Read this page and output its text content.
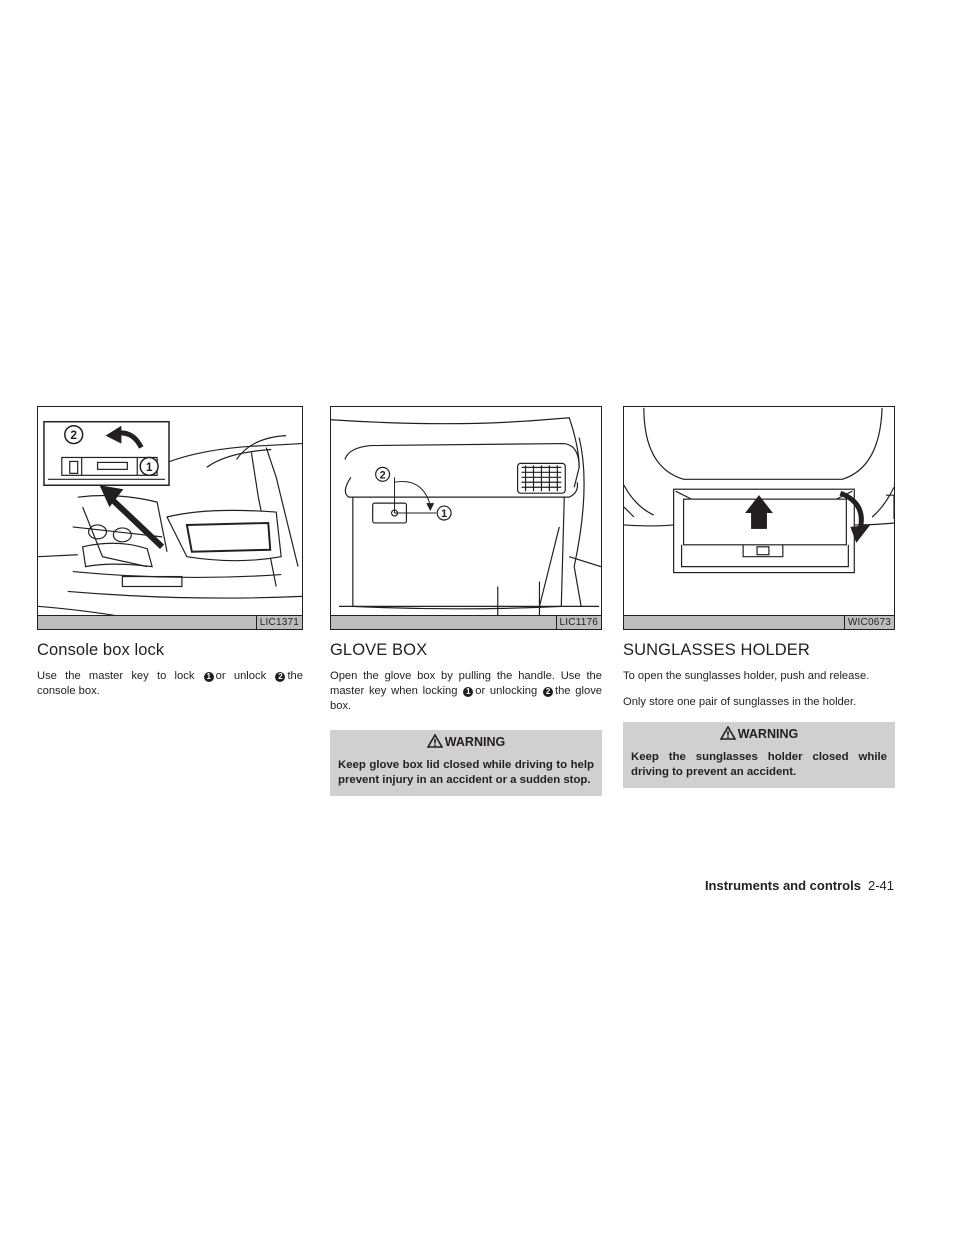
2
1
LIC1371
Console box lock

Use the master key to lock 1 or unlock 2 the console box.

2
1
LIC1176
GLOVE BOX

Open the glove box by pulling the handle. Use the master key when locking 1 or unlocking 2 the glove box.

WARNING
Keep glove box lid closed while driving to help prevent injury in an accident or a sudden stop.
WIC0673
SUNGLASSES HOLDER

To open the sunglasses holder, push and release.

Only store one pair of sunglasses in the holder.

WARNING
Keep the sunglasses holder closed while driving to prevent an accident.
Instruments and controls 2-41
